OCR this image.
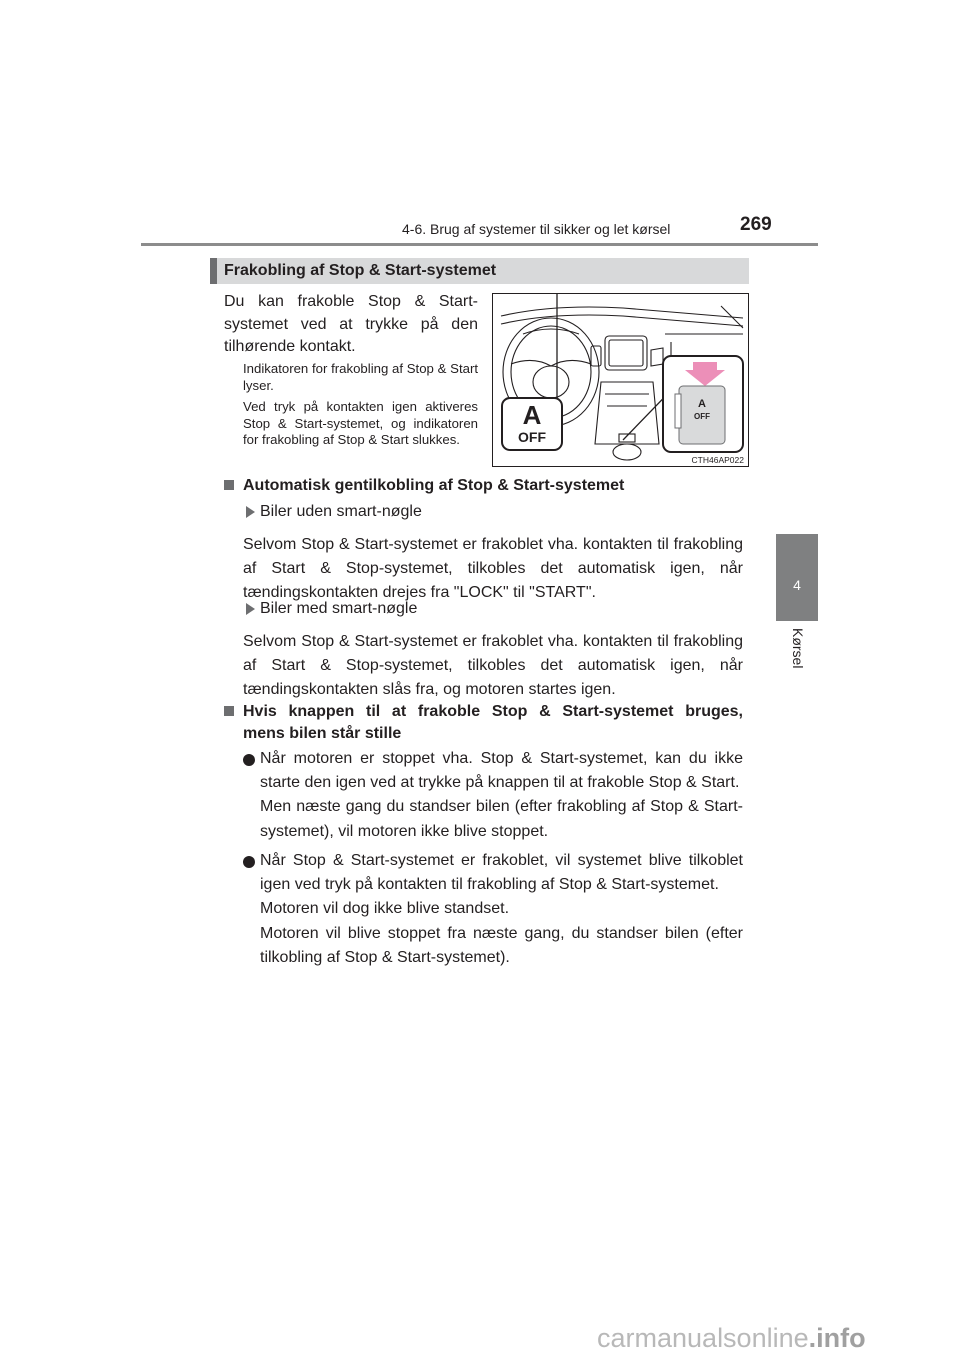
4-6. Brug af systemer til sikker og let kørsel	269
4
Kørsel
Frakobling af Stop & Start-systemet
Du kan frakoble Stop & Start-
systemet ved at trykke på den
tilhørende kontakt.
Indikatoren for frakobling af Stop & Start lyser.
Ved tryk på kontakten igen aktiveres Stop & Start-systemet, og indikatoren for frakobling af Stop & Start slukkes.
A
OFF
A
OFF
CTH46AP022
Automatisk gentilkobling af Stop & Start-systemet
Biler uden smart-nøgle
Selvom Stop & Start-systemet er frakoblet vha. kontakten til frakobling af Start & Stop-systemet, tilkobles det automatisk igen, når tændingskontakten drejes fra "LOCK" til "START".
Biler med smart-nøgle
Selvom Stop & Start-systemet er frakoblet vha. kontakten til frakobling af Start & Stop-systemet, tilkobles det automatisk igen, når tændingskontakten slås fra, og motoren startes igen.
Hvis knappen til at frakoble Stop & Start-systemet bruges,
mens bilen står stille
Når motoren er stoppet vha. Stop & Start-systemet, kan du ikke starte den igen ved at trykke på knappen til at frakoble Stop & Start.
Men næste gang du standser bilen (efter frakobling af Stop & Start-systemet), vil motoren ikke blive stoppet.
Når Stop & Start-systemet er frakoblet, vil systemet blive tilkoblet igen ved tryk på kontakten til frakobling af Stop & Start-systemet.
Motoren vil dog ikke blive standset.
Motoren vil blive stoppet fra næste gang, du standser bilen (efter tilkobling af Stop & Start-systemet).
carmanualsonline.info
